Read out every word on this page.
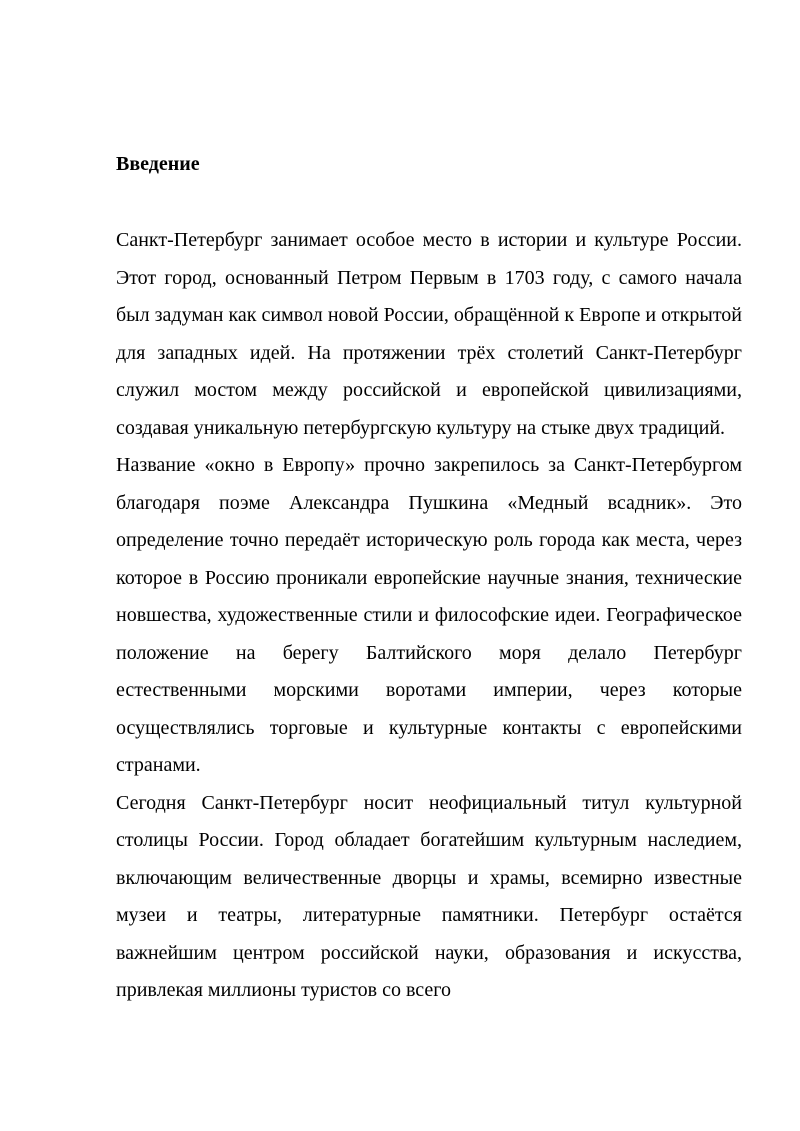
Введение

Санкт-Петербург занимает особое место в истории и культуре России. Этот город, основанный Петром Первым в 1703 году, с самого начала был задуман как символ новой России, обращённой к Европе и открытой для западных идей. На протяжении трёх столетий Санкт-Петербург служил мостом между российской и европейской цивилизациями, создавая уникальную петербургскую культуру на стыке двух традиций.

Название «окно в Европу» прочно закрепилось за Санкт-Петербургом благодаря поэме Александра Пушкина «Медный всадник». Это определение точно передаёт историческую роль города как места, через которое в Россию проникали европейские научные знания, технические новшества, художественные стили и философские идеи. Географическое положение на берегу Балтийского моря делало Петербург естественными морскими воротами империи, через которые осуществлялись торговые и культурные контакты с европейскими странами.

Сегодня Санкт-Петербург носит неофициальный титул культурной столицы России. Город обладает богатейшим культурным наследием, включающим величественные дворцы и храмы, всемирно известные музеи и театры, литературные памятники. Петербург остаётся важнейшим центром российской науки, образования и искусства, привлекая миллионы туристов со всего
